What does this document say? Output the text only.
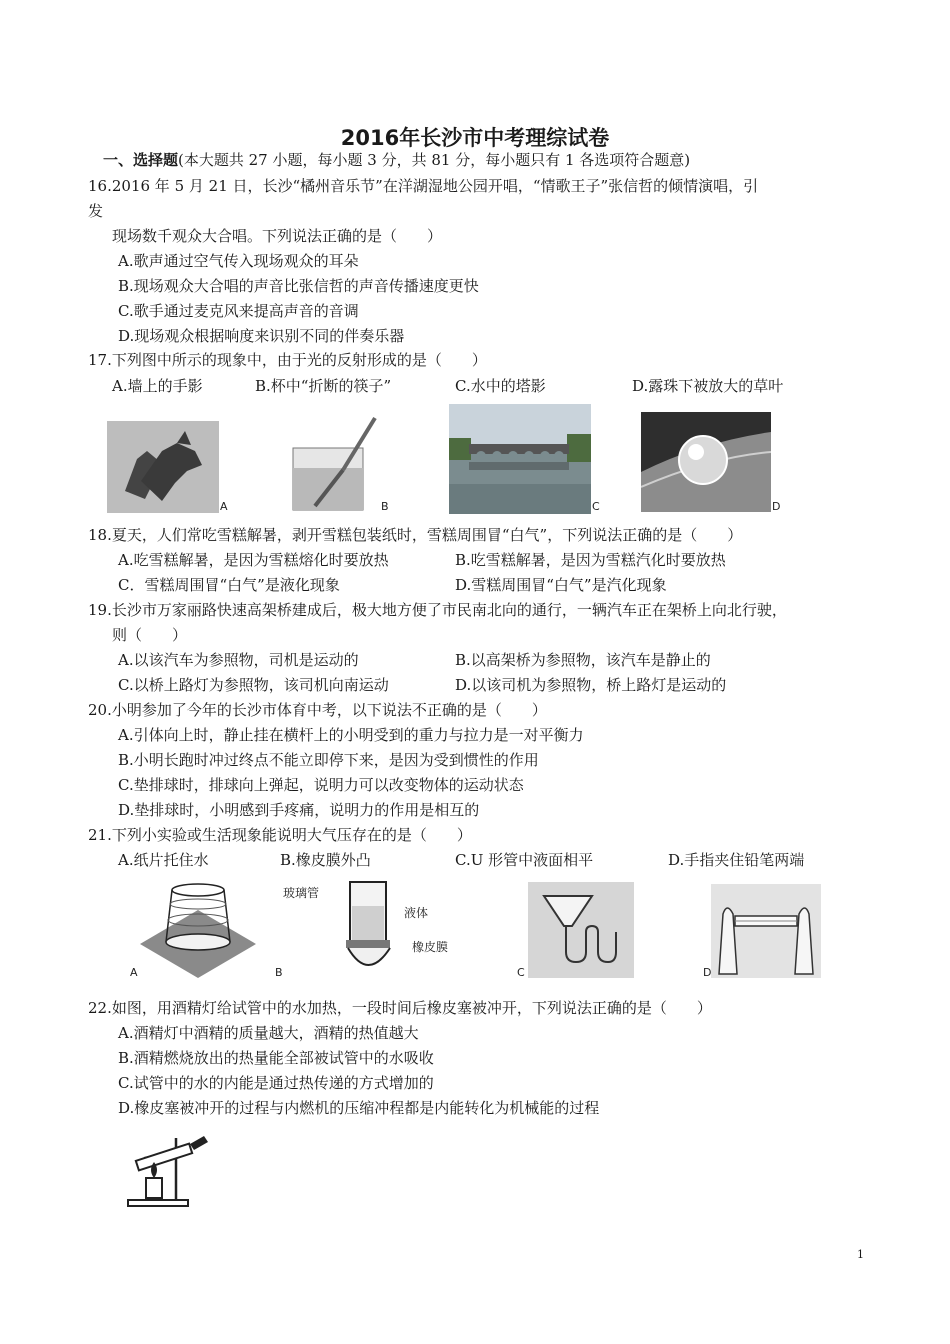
2016年长沙市中考理综试卷
一、选择题(本大题共 27 小题，每小题 3 分，共 81 分，每小题只有 1 各选项符合题意)
16.2016 年 5 月 21 日，长沙“橘州音乐节”在洋湖湿地公园开唱，“情歌王子”张信哲的倾情演唱，引
发
现场数千观众大合唱。下列说法正确的是（　　）
A.歌声通过空气传入现场观众的耳朵
B.现场观众大合唱的声音比张信哲的声音传播速度更快
C.歌手通过麦克风来提高声音的音调
D.现场观众根据响度来识别不同的伴奏乐器
17.下列图中所示的现象中，由于光的反射形成的是（　　）
A.墙上的手影	B.杯中“折断的筷子”	C.水中的塔影	D.露珠下被放大的草叶
A	B	C	D
18.夏天，人们常吃雪糕解暑，剥开雪糕包装纸时，雪糕周围冒“白气”，下列说法正确的是（　　）
A.吃雪糕解暑，是因为雪糕熔化时要放热	B.吃雪糕解暑，是因为雪糕汽化时要放热
C．雪糕周围冒“白气”是液化现象	D.雪糕周围冒“白气”是汽化现象
19.长沙市万家丽路快速高架桥建成后，极大地方便了市民南北向的通行，一辆汽车正在架桥上向北行驶，
则（　　）
A.以该汽车为参照物，司机是运动的	B.以高架桥为参照物，该汽车是静止的
C.以桥上路灯为参照物，该司机向南运动	D.以该司机为参照物，桥上路灯是运动的
20.小明参加了今年的长沙市体育中考，以下说法不正确的是（　　）
A.引体向上时，静止挂在横杆上的小明受到的重力与拉力是一对平衡力
B.小明长跑时冲过终点不能立即停下来，是因为受到惯性的作用
C.垫排球时，排球向上弹起，说明力可以改变物体的运动状态
D.垫排球时，小明感到手疼痛，说明力的作用是相互的
21.下列小实验或生活现象能说明大气压存在的是（　　）
A.纸片托住水	B.橡皮膜外凸	C.U 形管中液面相平	D.手指夹住铅笔两端
A
玻璃管
液体
橡皮膜
B	C	D
22.如图，用酒精灯给试管中的水加热，一段时间后橡皮塞被冲开，下列说法正确的是（　　）
A.酒精灯中酒精的质量越大，酒精的热值越大
B.酒精燃烧放出的热量能全部被试管中的水吸收
C.试管中的水的内能是通过热传递的方式增加的
D.橡皮塞被冲开的过程与内燃机的压缩冲程都是内能转化为机械能的过程
1
